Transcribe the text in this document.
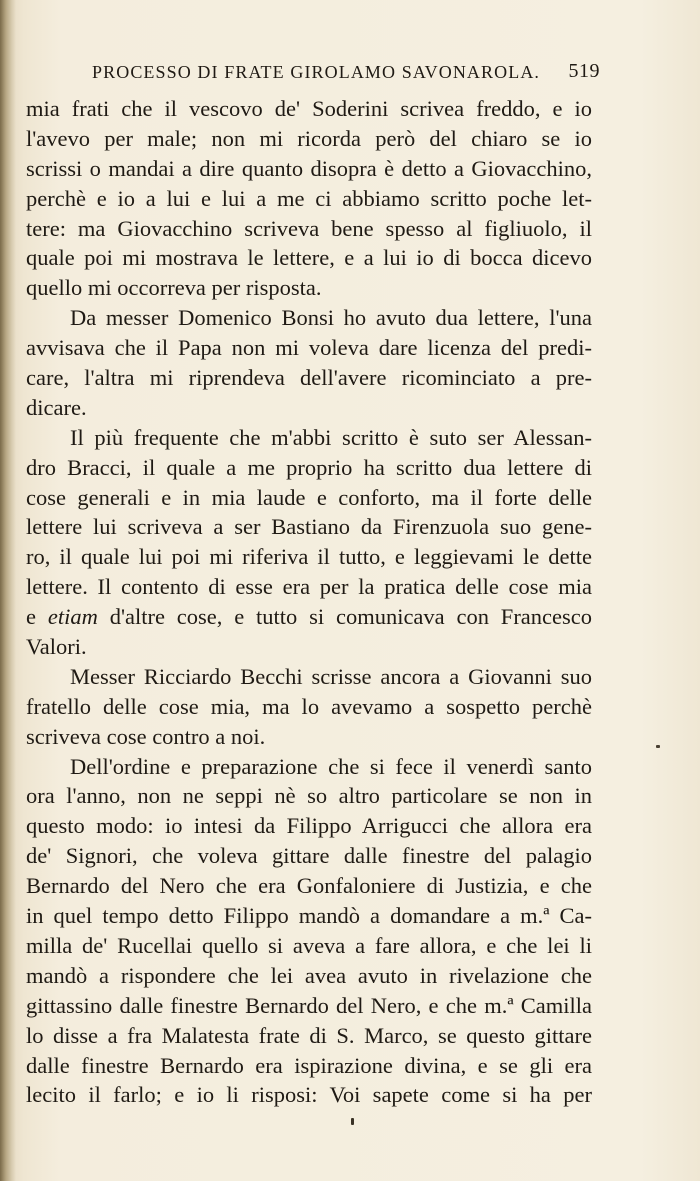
PROCESSO DI FRATE GIROLAMO SAVONAROLA. 519
mia frati che il vescovo de' Soderini scrivea freddo, e io
l'avevo per male; non mi ricorda però del chiaro se io
scrissi o mandai a dire quanto disopra è detto a Giovacchino,
perchè e io a lui e lui a me ci abbiamo scritto poche let-
tere: ma Giovacchino scriveva bene spesso al figliuolo, il
quale poi mi mostrava le lettere, e a lui io di bocca dicevo
quello mi occorreva per risposta.
Da messer Domenico Bonsi ho avuto dua lettere, l'una
avvisava che il Papa non mi voleva dare licenza del predi-
care, l'altra mi riprendeva dell'avere ricominciato a pre-
dicare.
Il più frequente che m'abbi scritto è suto ser Alessan-
dro Bracci, il quale a me proprio ha scritto dua lettere di
cose generali e in mia laude e conforto, ma il forte delle
lettere lui scriveva a ser Bastiano da Firenzuola suo gene-
ro, il quale lui poi mi riferiva il tutto, e leggievami le dette
lettere. Il contento di esse era per la pratica delle cose mia
e etiam d'altre cose, e tutto si comunicava con Francesco
Valori.
Messer Ricciardo Becchi scrisse ancora a Giovanni suo
fratello delle cose mia, ma lo avevamo a sospetto perchè
scriveva cose contro a noi.
Dell'ordine e preparazione che si fece il venerdì santo
ora l'anno, non ne seppi nè so altro particolare se non in
questo modo: io intesi da Filippo Arrigucci che allora era
de' Signori, che voleva gittare dalle finestre del palagio
Bernardo del Nero che era Gonfaloniere di Justizia, e che
in quel tempo detto Filippo mandò a domandare a m.ª Ca-
milla de' Rucellai quello si aveva a fare allora, e che lei li
mandò a rispondere che lei avea avuto in rivelazione che
gittassino dalle finestre Bernardo del Nero, e che m.ª Camilla
lo disse a fra Malatesta frate di S. Marco, se questo gittare
dalle finestre Bernardo era ispirazione divina, e se gli era
lecito il farlo; e io li risposi: Voi sapete come si ha per
